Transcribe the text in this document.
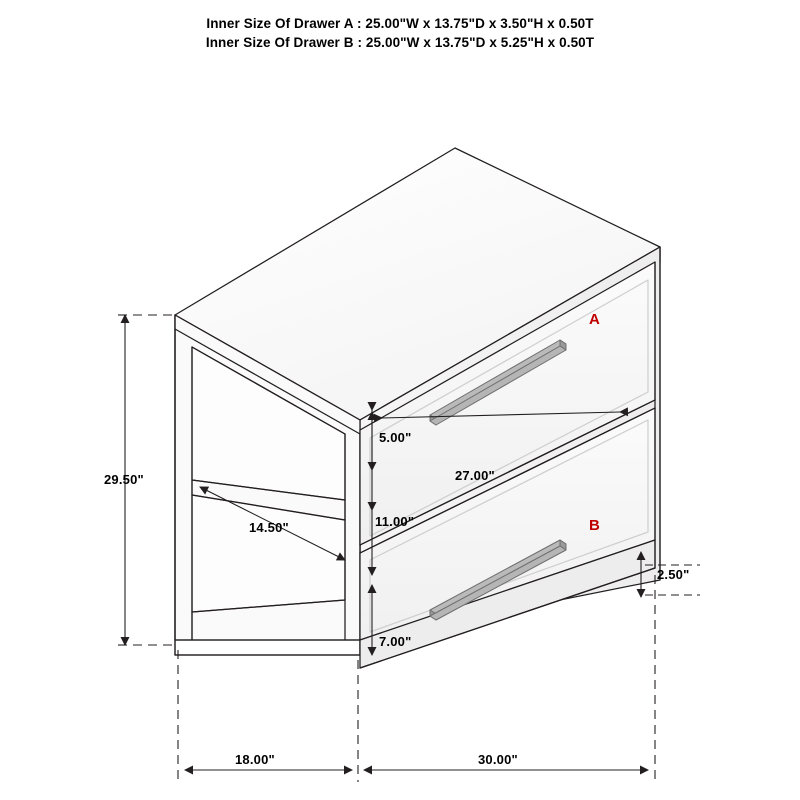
Inner Size Of Drawer A : 25.00"W x 13.75"D x 3.50"H x 0.50T
Inner Size Of Drawer B : 25.00"W x 13.75"D x 5.25"H x 0.50T
29.50"
5.00"
14.50"
27.00"
11.00"
7.00"
2.50"
18.00"	30.00"
A
B
